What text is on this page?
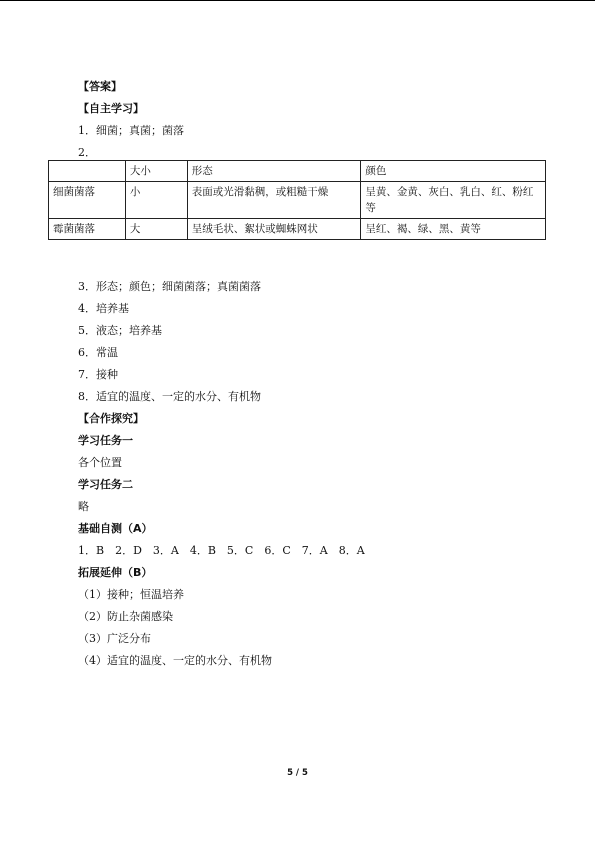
【答案】
【自主学习】
1．细菌；真菌；菌落
2．
	大小	形态	颜色
细菌菌落	小	表面或光滑黏稠，或粗糙干燥	呈黄、金黄、灰白、乳白、红、粉红等
霉菌菌落	大	呈绒毛状、絮状或蜘蛛网状	呈红、褐、绿、黑、黄等
3．形态；颜色；细菌菌落；真菌菌落
4．培养基
5．液态；培养基
6．常温
7．接种
8．适宜的温度、一定的水分、有机物
【合作探究】
学习任务一
各个位置
学习任务二
略
基础自测（A）
1．B　2．D　3．A　4．B　5．C　6．C　7．A　8．A
拓展延伸（B）
（1）接种；恒温培养
（2）防止杂菌感染
（3）广泛分布
（4）适宜的温度、一定的水分、有机物
5 / 5
